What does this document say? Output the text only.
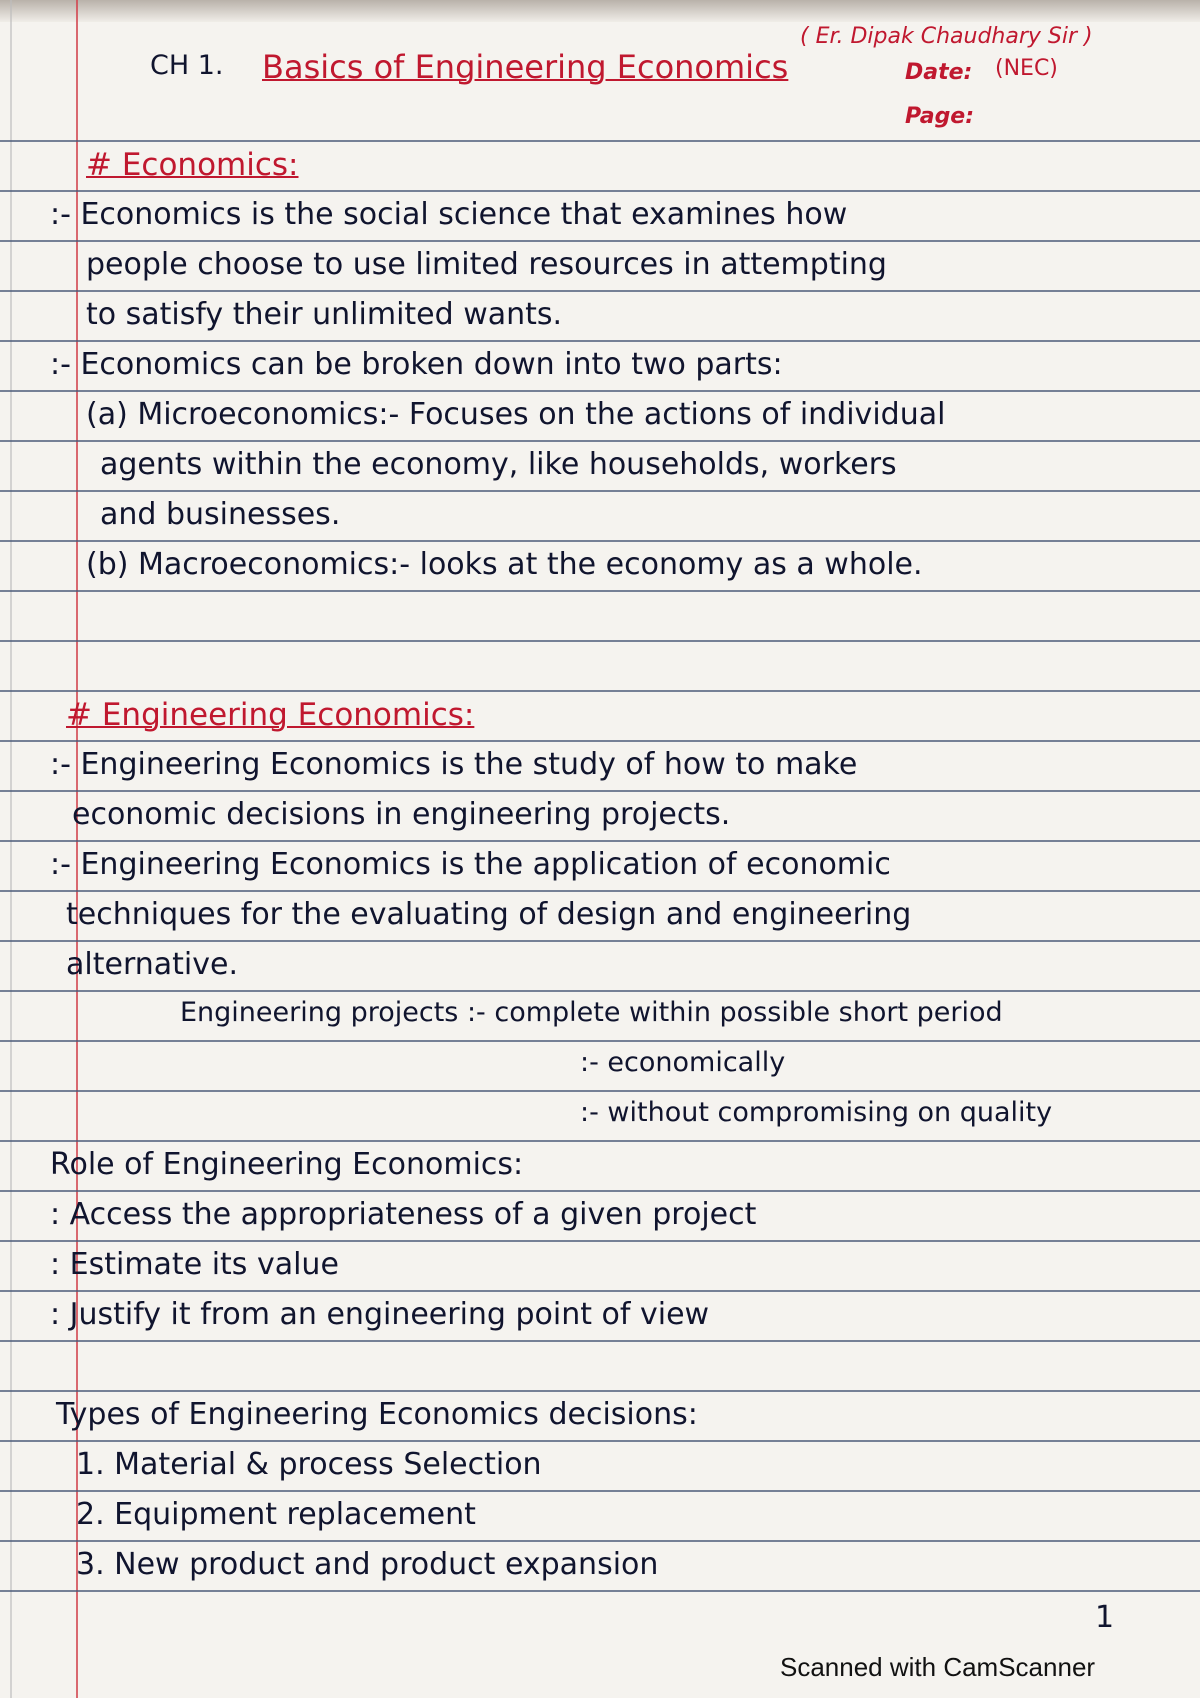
CH 1. Basics of Engineering Economics
( Er. Dipak Chaudhary Sir )
Date: (NEC)
Page:
# Economics:
:- Economics is the social science that examines how
people choose to use limited resources in attempting
to satisfy their unlimited wants.
:- Economics can be broken down into two parts:
(a) Microeconomics:- Focuses on the actions of individual
agents within the economy, like households, workers
and businesses.
(b) Macroeconomics:- looks at the economy as a whole.
# Engineering Economics:
:- Engineering Economics is the study of how to make
economic decisions in engineering projects.
:- Engineering Economics is the application of economic
techniques for the evaluating of design and engineering
alternative.
Engineering projects :- complete within possible short period
:- economically
:- without compromising on quality
Role of Engineering Economics:
: Access the appropriateness of a given project
: Estimate its value
: Justify it from an engineering point of view
Types of Engineering Economics decisions:
1. Material & process Selection
2. Equipment replacement
3. New product and product expansion
1
Scanned with CamScanner
